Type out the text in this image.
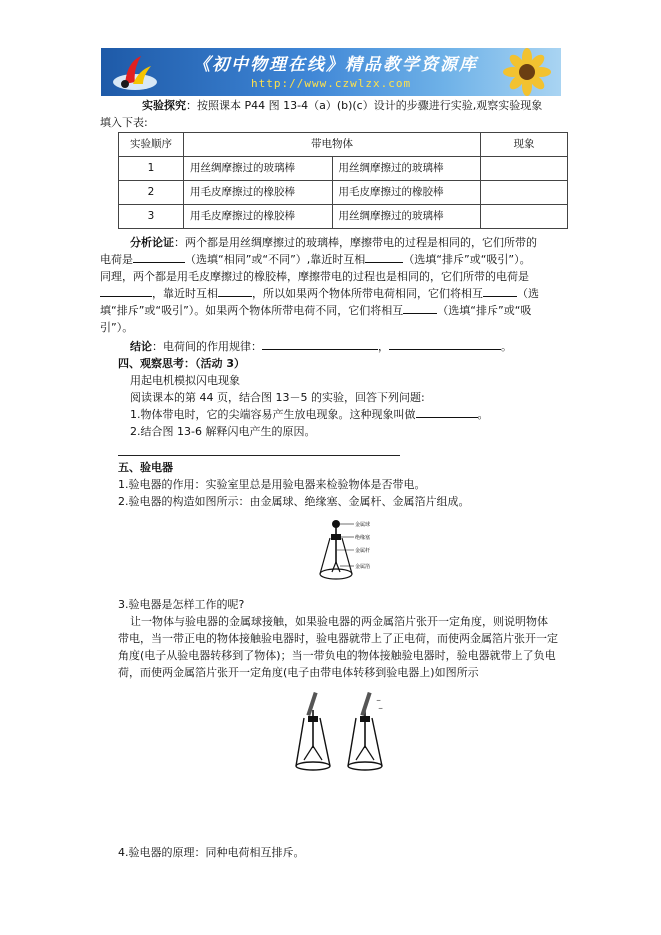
《初中物理在线》精品教学资源库
http://www.czwlzx.com

实验探究：按照课本 P44 图 13-4（a）(b)(c）设计的步骤进行实验,观察实验现象

填入下表:

实验顺序	带电物体		现象
1	用丝绸摩擦过的玻璃棒	用丝绸摩擦过的玻璃棒	
2	用毛皮摩擦过的橡胶棒	用毛皮摩擦过的橡胶棒	
3	用毛皮摩擦过的橡胶棒	用丝绸摩擦过的玻璃棒	

分析论证：两个都是用丝绸摩擦过的玻璃棒，摩擦带电的过程是相同的，它们所带的

电荷是	（选填“相同”或“不同”）,靠近时互相	（选填“排斥”或“吸引”）。

同理，两个都是用毛皮摩擦过的橡胶棒，摩擦带电的过程也是相同的，它们所带的电荷是

，靠近时互相	，所以如果两个物体所带电荷相同，它们将相互	（选

填“排斥”或“吸引”）。如果两个物体所带电荷不同，它们将相互	（选填“排斥”或“吸

引”）。

结论：电荷间的作用规律：	，	。

四、观察思考：（活动 3）

用起电机模拟闪电现象

阅读课本的第 44 页，结合图 13－5 的实验，回答下列问题:

1.物体带电时，它的尖端容易产生放电现象。这种现象叫做	。

2.结合图 13-6 解释闪电产生的原因。

五、验电器

1.验电器的作用：实验室里总是用验电器来检验物体是否带电。

2.验电器的构造如图所示：由金属球、绝缘塞、金属杆、金属箔片组成。

金属球
绝缘塞
金属杆
金属箔

3.验电器是怎样工作的呢?

让一物体与验电器的金属球接触，如果验电器的两金属箔片张开一定角度，则说明物体

带电，当一带正电的物体接触验电器时，验电器就带上了正电荷，而使两金属箔片张开一定

角度(电子从验电器转移到了物体)；当一带负电的物体接触验电器时，验电器就带上了负电

荷，而使两金属箔片张开一定角度(电子由带电体转移到验电器上)如图所示

−
−

4.验电器的原理：同种电荷相互排斥。
